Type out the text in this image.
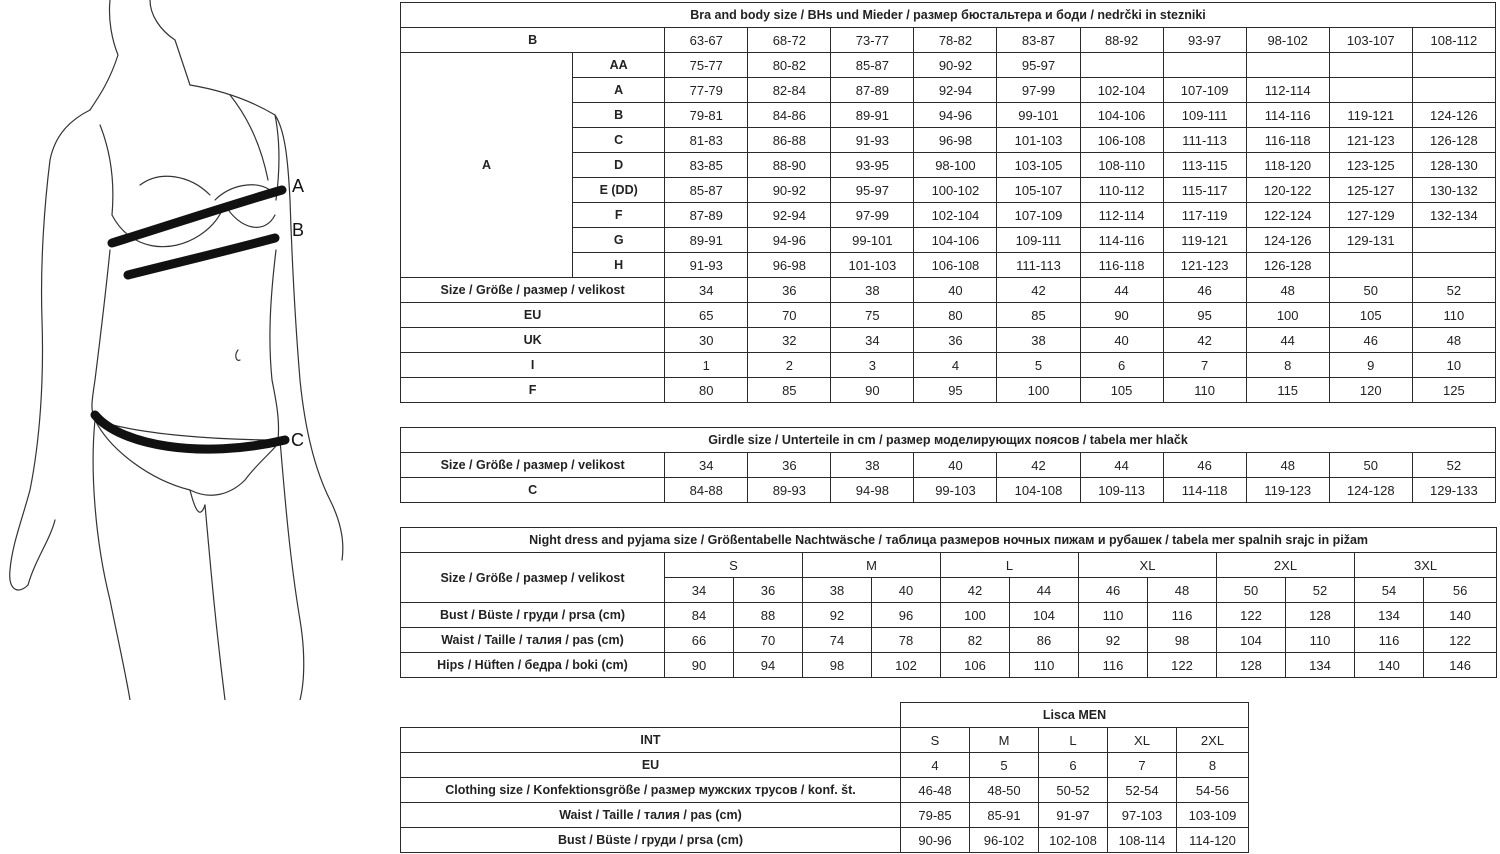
A
B
C
Bra and body size / BHs und Mieder / размер бюстальтера и боди / nedrčki in stezniki											
B		63-67	68-72	73-77	78-82	83-87	88-92	93-97	98-102	103-107	108-112
A	AA	75-77	80-82	85-87	90-92	95-97					
	A	77-79	82-84	87-89	92-94	97-99	102-104	107-109	112-114		
	B	79-81	84-86	89-91	94-96	99-101	104-106	109-111	114-116	119-121	124-126
	C	81-83	86-88	91-93	96-98	101-103	106-108	111-113	116-118	121-123	126-128
	D	83-85	88-90	93-95	98-100	103-105	108-110	113-115	118-120	123-125	128-130
	E (DD)	85-87	90-92	95-97	100-102	105-107	110-112	115-117	120-122	125-127	130-132
	F	87-89	92-94	97-99	102-104	107-109	112-114	117-119	122-124	127-129	132-134
	G	89-91	94-96	99-101	104-106	109-111	114-116	119-121	124-126	129-131	
	H	91-93	96-98	101-103	106-108	111-113	116-118	121-123	126-128		
Size / Größe / размер / velikost		34	36	38	40	42	44	46	48	50	52
EU		65	70	75	80	85	90	95	100	105	110
UK		30	32	34	36	38	40	42	44	46	48
I		1	2	3	4	5	6	7	8	9	10
F		80	85	90	95	100	105	110	115	120	125
Girdle size / Unterteile in cm / размер моделирующих поясов / tabela mer hlačk										
Size / Größe / размер / velikost	34	36	38	40	42	44	46	48	50	52
C	84-88	89-93	94-98	99-103	104-108	109-113	114-118	119-123	124-128	129-133
Night dress and pyjama size / Größentabelle Nachtwäsche / таблица размеров ночных пижам и рубашек / tabela mer spalnih srajc in pižam												
Size / Größe / размер / velikost	S		M		L		XL		2XL		3XL	
	34	36	38	40	42	44	46	48	50	52	54	56
Bust / Büste / груди / prsa (cm)	84	88	92	96	100	104	110	116	122	128	134	140
Waist / Taille / талия / pas (cm)	66	70	74	78	82	86	92	98	104	110	116	122
Hips / Hüften / бедра / boki (cm)	90	94	98	102	106	110	116	122	128	134	140	146
	Lisca MEN				
INT	S	M	L	XL	2XL
EU	4	5	6	7	8
Clothing size / Konfektionsgröße / размер мужских трусов / konf. št.	46-48	48-50	50-52	52-54	54-56
Waist / Taille / талия / pas (cm)	79-85	85-91	91-97	97-103	103-109
Bust / Büste / груди / prsa (cm)	90-96	96-102	102-108	108-114	114-120
